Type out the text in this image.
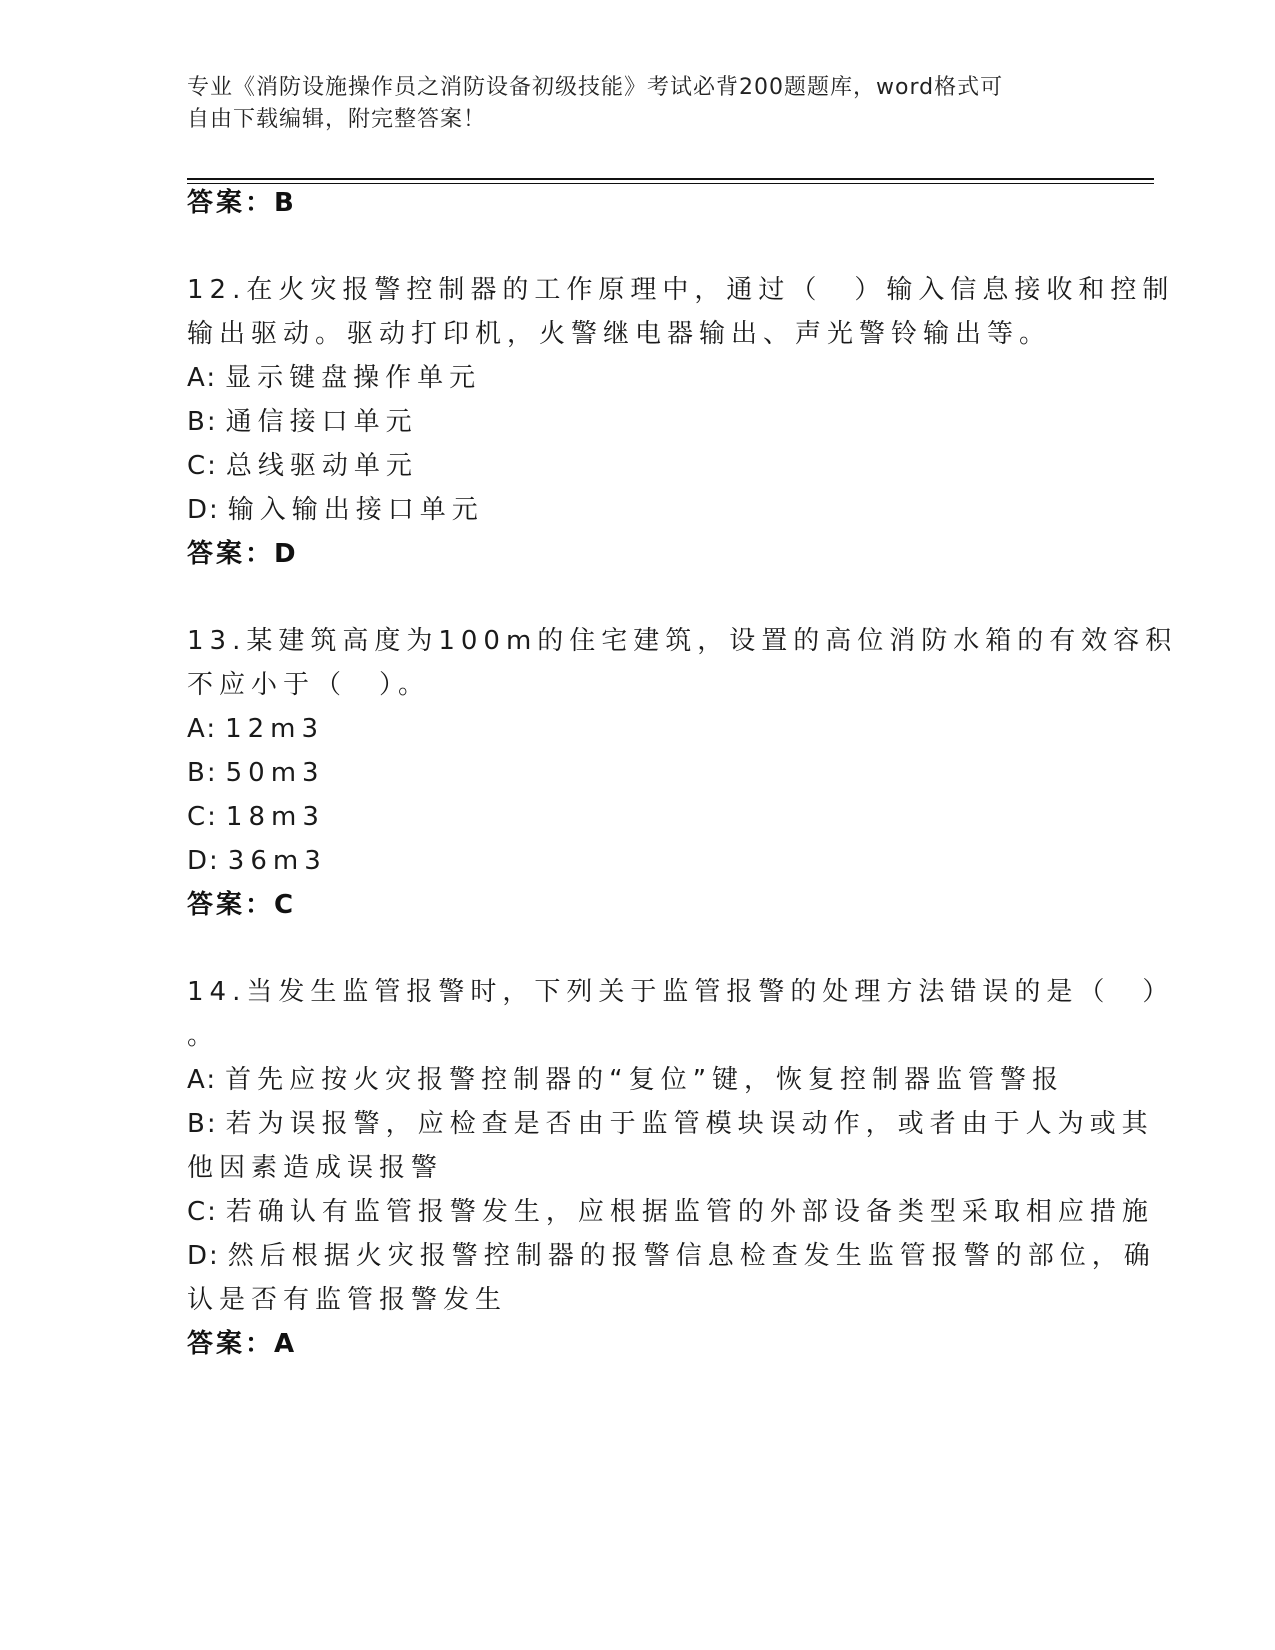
专业《消防设施操作员之消防设备初级技能》考试必背200题题库，word格式可
自由下载编辑，附完整答案！
答案：B
12.在火灾报警控制器的工作原理中，通过（　）输入信息接收和控制
输出驱动。驱动打印机，火警继电器输出、声光警铃输出等。
A: 显示键盘操作单元
B: 通信接口单元
C: 总线驱动单元
D: 输入输出接口单元
答案：D
13.某建筑高度为100m的住宅建筑，设置的高位消防水箱的有效容积
不应小于（　）。
A: 12m3
B: 50m3
C: 18m3
D: 36m3
答案：C
14.当发生监管报警时，下列关于监管报警的处理方法错误的是（　）
。
A: 首先应按火灾报警控制器的“复位”键，恢复控制器监管警报
B: 若为误报警，应检查是否由于监管模块误动作，或者由于人为或其
他因素造成误报警
C: 若确认有监管报警发生，应根据监管的外部设备类型采取相应措施
D: 然后根据火灾报警控制器的报警信息检查发生监管报警的部位，确
认是否有监管报警发生
答案：A
